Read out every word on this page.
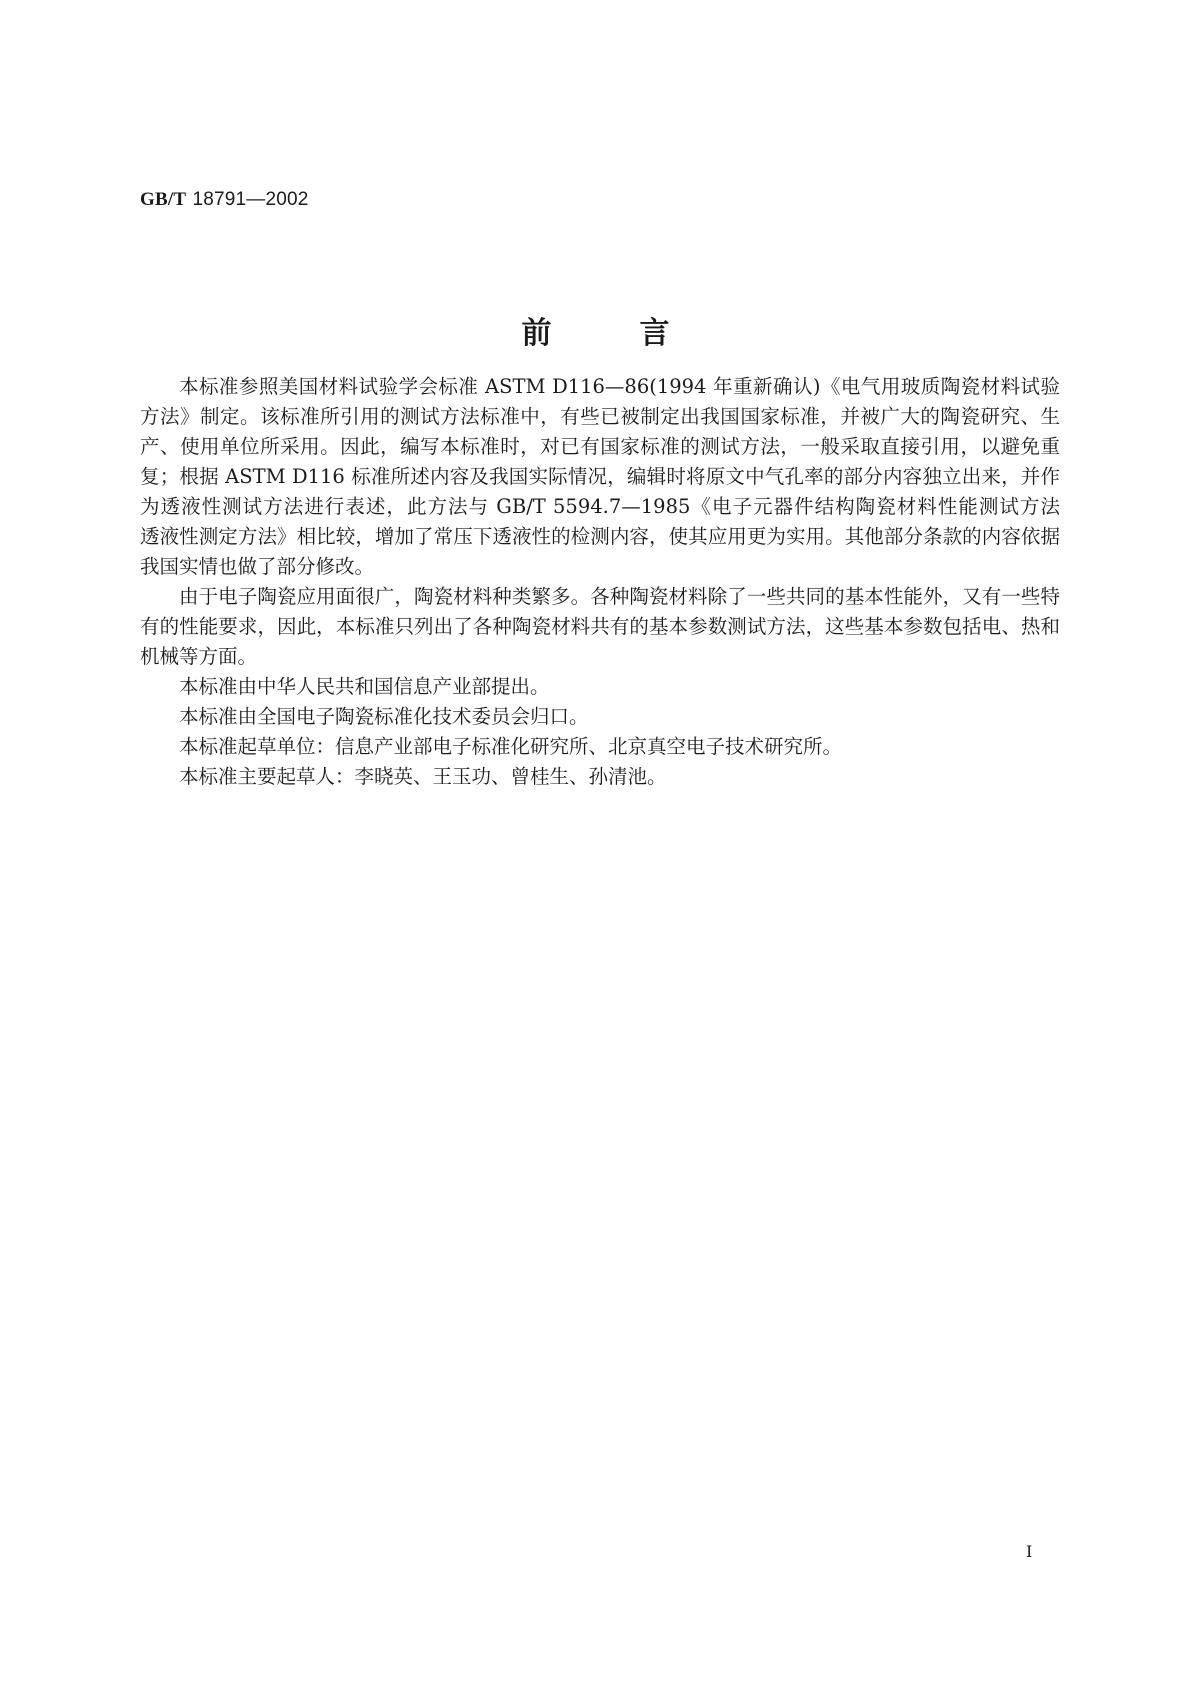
GB/T 18791—2002
前言

本标准参照美国材料试验学会标准 ASTM D116—86(1994 年重新确认)《电气用玻质陶瓷材料试验方法》制定。该标准所引用的测试方法标准中，有些已被制定出我国国家标准，并被广大的陶瓷研究、生产、使用单位所采用。因此，编写本标准时，对已有国家标准的测试方法，一般采取直接引用，以避免重复；根据 ASTM D116 标准所述内容及我国实际情况，编辑时将原文中气孔率的部分内容独立出来，并作为透液性测试方法进行表述，此方法与 GB/T 5594.7—1985《电子元器件结构陶瓷材料性能测试方法　透液性测定方法》相比较，增加了常压下透液性的检测内容，使其应用更为实用。其他部分条款的内容依据我国实情也做了部分修改。

由于电子陶瓷应用面很广，陶瓷材料种类繁多。各种陶瓷材料除了一些共同的基本性能外，又有一些特有的性能要求，因此，本标准只列出了各种陶瓷材料共有的基本参数测试方法，这些基本参数包括电、热和机械等方面。

本标准由中华人民共和国信息产业部提出。

本标准由全国电子陶瓷标准化技术委员会归口。

本标准起草单位：信息产业部电子标准化研究所、北京真空电子技术研究所。

本标准主要起草人：李晓英、王玉功、曾桂生、孙清池。

I
